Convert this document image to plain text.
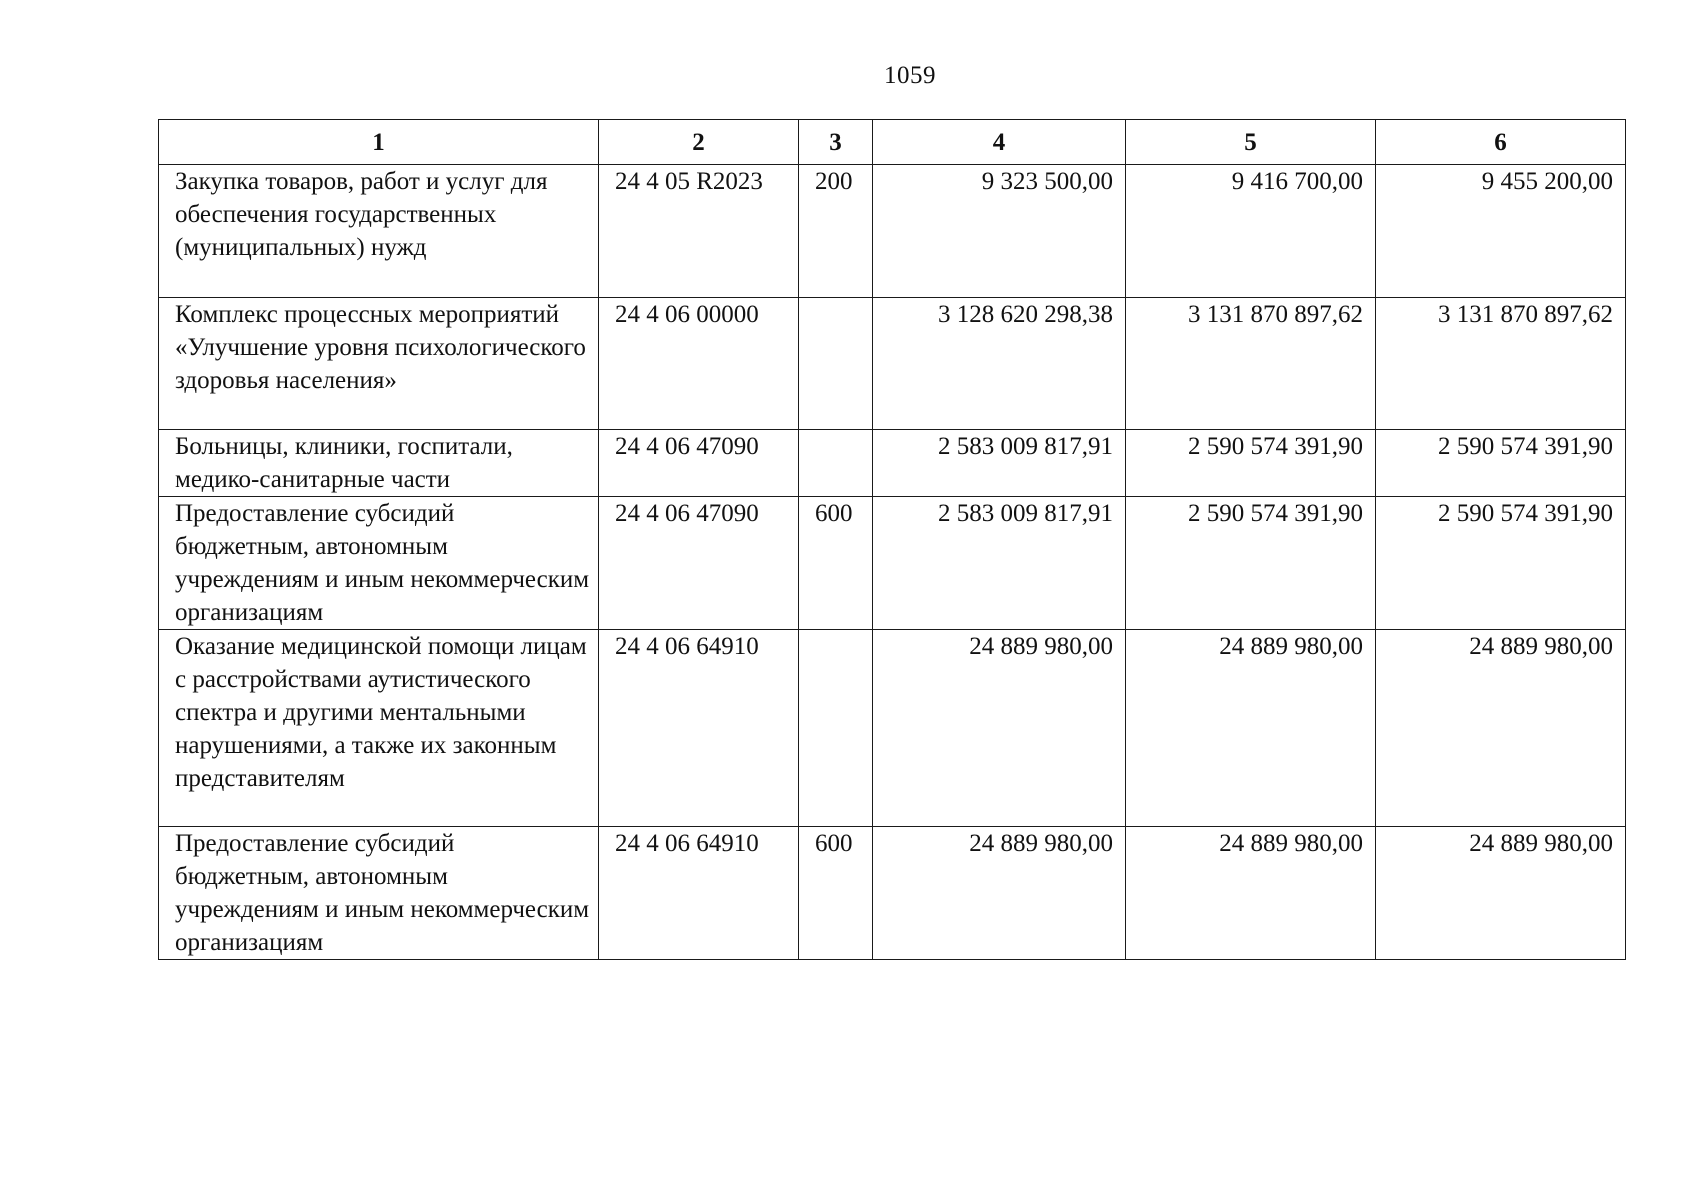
1059
1	2	3	4	5	6
Закупка товаров, работ и услуг для обеспечения государственных (муниципальных) нужд	24 4 05 R2023	200	9 323 500,00	9 416 700,00	9 455 200,00
Комплекс процессных мероприятий «Улучшение уровня психологического здоровья населения»	24 4 06 00000		3 128 620 298,38	3 131 870 897,62	3 131 870 897,62
Больницы, клиники, госпитали, медико-санитарные части	24 4 06 47090		2 583 009 817,91	2 590 574 391,90	2 590 574 391,90
Предоставление субсидий бюджетным, автономным учреждениям и иным некоммерческим организациям	24 4 06 47090	600	2 583 009 817,91	2 590 574 391,90	2 590 574 391,90
Оказание медицинской помощи лицам с расстройствами аутистического спектра и другими ментальными нарушениями, а также их законным представителям	24 4 06 64910		24 889 980,00	24 889 980,00	24 889 980,00
Предоставление субсидий бюджетным, автономным учреждениям и иным некоммерческим организациям	24 4 06 64910	600	24 889 980,00	24 889 980,00	24 889 980,00
